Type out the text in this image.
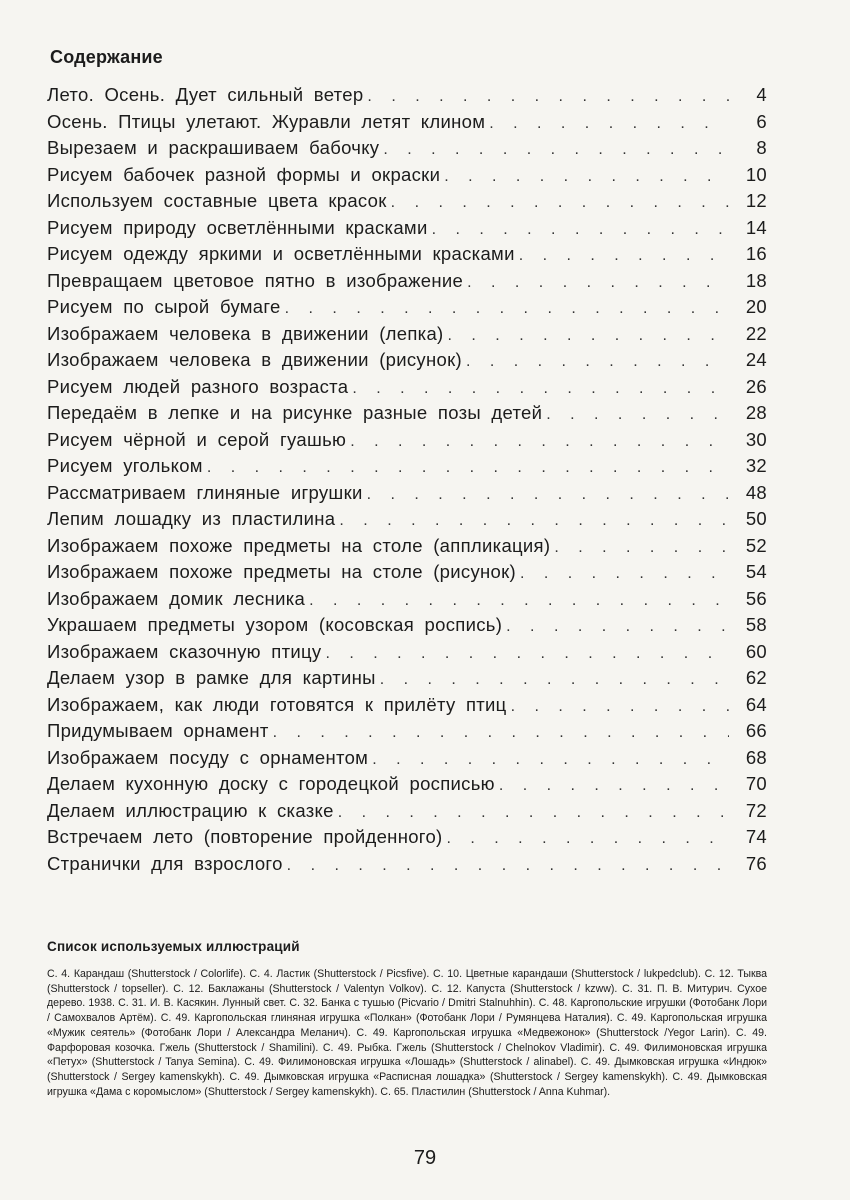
Содержание
Лето. Осень. Дует сильный ветер . . .	4
Осень. Птицы улетают. Журавли летят клином . . .	6
Вырезаем и раскрашиваем бабочку . . .	8
Рисуем бабочек разной формы и окраски . . .	10
Используем составные цвета красок . . .	12
Рисуем природу осветлёнными красками . . .	14
Рисуем одежду яркими и осветлёнными красками . . .	16
Превращаем цветовое пятно в изображение . . .	18
Рисуем по сырой бумаге . . .	20
Изображаем человека в движении (лепка) . . .	22
Изображаем человека в движении (рисунок) . . .	24
Рисуем людей разного возраста . . .	26
Передаём в лепке и на рисунке разные позы детей . . .	28
Рисуем чёрной и серой гуашью . . .	30
Рисуем угольком . . .	32
Рассматриваем глиняные игрушки . . .	48
Лепим лошадку из пластилина . . .	50
Изображаем похоже предметы на столе (аппликация) . . .	52
Изображаем похоже предметы на столе (рисунок) . . .	54
Изображаем домик лесника . . .	56
Украшаем предметы узором (косовская роспись) . . .	58
Изображаем сказочную птицу . . .	60
Делаем узор в рамке для картины . . .	62
Изображаем, как люди готовятся к прилёту птиц . . .	64
Придумываем орнамент . . .	66
Изображаем посуду с орнаментом . . .	68
Делаем кухонную доску с городецкой росписью . . .	70
Делаем иллюстрацию к сказке . . .	72
Встречаем лето (повторение пройденного) . . .	74
Странички для взрослого . . .	76
Список используемых иллюстраций

С. 4. Карандаш (Shutterstock / Colorlife). С. 4. Ластик (Shutterstock / Picsfive). С. 10. Цветные карандаши (Shutterstock / lukpedclub). С. 12. Тыква (Shutterstock / topseller). С. 12. Баклажаны (Shutterstock / Valentyn Volkov). С. 12. Капуста (Shutterstock / kzww). С. 31. П. В. Митурич. Сухое дерево. 1938. С. 31. И. В. Касякин. Лунный свет. С. 32. Банка с тушью (Picvario / Dmitri Stalnuhhin). С. 48. Каргопольские игрушки (Фотобанк Лори / Самохвалов Артём). С. 49. Каргопольская глиняная игрушка «Полкан» (Фотобанк Лори / Румянцева Наталия). С. 49. Каргопольская игрушка «Мужик сеятель» (Фотобанк Лори / Александра Меланич). С. 49. Каргопольская игрушка «Медвежонок» (Shutterstock /Yegor Larin). С. 49. Фарфоровая козочка. Гжель (Shutterstock / Shamilini). С. 49. Рыбка. Гжель (Shutterstock / Chelnokov Vladimir). С. 49. Филимоновская игрушка «Петух» (Shutterstock / Tanya Semina). С. 49. Филимоновская игрушка «Лошадь» (Shutterstock / alinabel). С. 49. Дымковская игрушка «Индюк» (Shutterstock / Sergey kamenskykh). С. 49. Дымковская игрушка «Расписная лошадка» (Shutterstock / Sergey kamenskykh). С. 49. Дымковская игрушка «Дама с коромыслом» (Shutterstock / Sergey kamenskykh). С. 65. Пластилин (Shutterstock / Anna Kuhmar).

79
